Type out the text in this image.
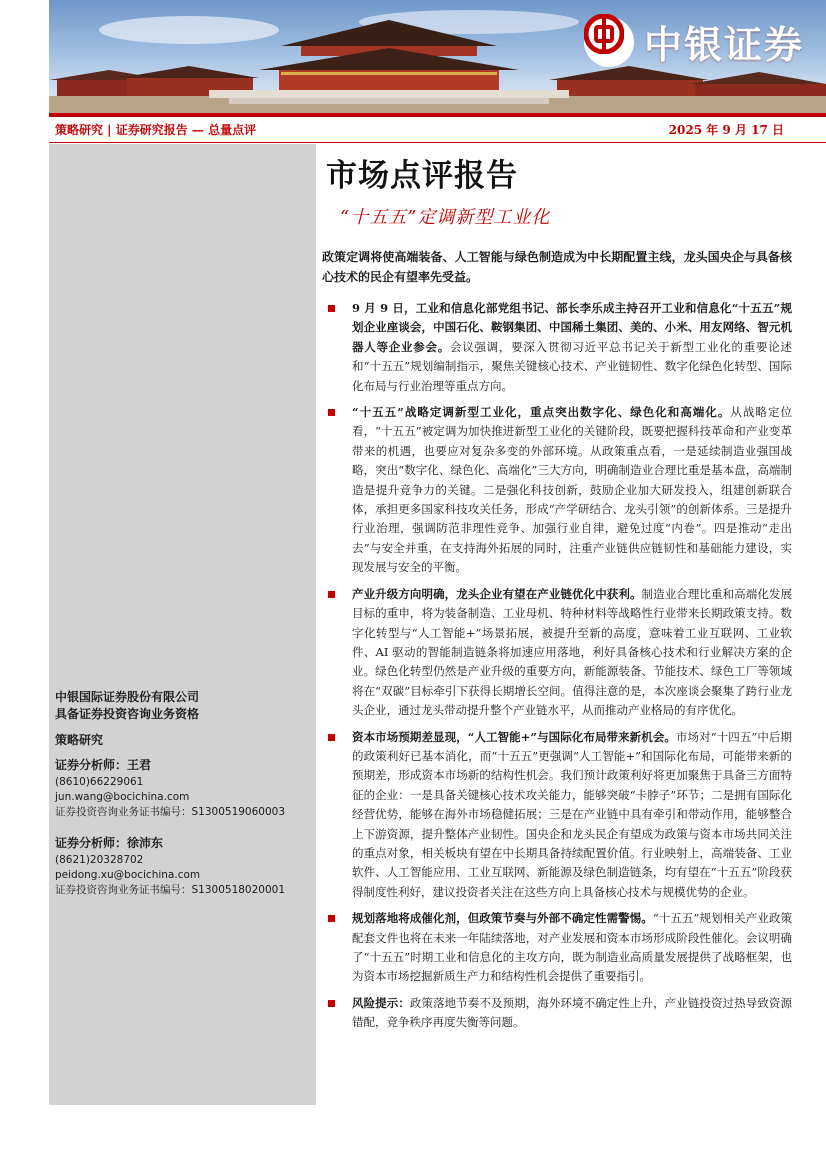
中银证券
策略研究 | 证券研究报告 — 总量点评	2025 年 9 月 17 日
中银国际证券股份有限公司
具备证券投资咨询业务资格
策略研究
证券分析师：王君
(8610)66229061
jun.wang@bocichina.com
证券投资咨询业务证书编号：S1300519060003
证券分析师：徐沛东
(8621)20328702
peidong.xu@bocichina.com
证券投资咨询业务证书编号：S1300518020001
市场点评报告
“十五五”定调新型工业化

政策定调将使高端装备、人工智能与绿色制造成为中长期配置主线，龙头国央企与具备核心技术的民企有望率先受益。

9 月 9 日，工业和信息化部党组书记、部长李乐成主持召开工业和信息化“十五五”规划企业座谈会，中国石化、鞍钢集团、中国稀土集团、美的、小米、用友网络、智元机器人等企业参会。会议强调，要深入贯彻习近平总书记关于新型工业化的重要论述和“十五五”规划编制指示，聚焦关键核心技术、产业链韧性、数字化绿色化转型、国际化布局与行业治理等重点方向。
“十五五”战略定调新型工业化，重点突出数字化、绿色化和高端化。从战略定位看，“十五五”被定调为加快推进新型工业化的关键阶段，既要把握科技革命和产业变革带来的机遇，也要应对复杂多变的外部环境。从政策重点看，一是延续制造业强国战略，突出“数字化、绿色化、高端化”三大方向，明确制造业合理比重是基本盘，高端制造是提升竞争力的关键。二是强化科技创新，鼓励企业加大研发投入，组建创新联合体，承担更多国家科技攻关任务，形成“产学研结合、龙头引领”的创新体系。三是提升行业治理，强调防范非理性竞争、加强行业自律，避免过度“内卷”。四是推动“走出去”与安全并重，在支持海外拓展的同时，注重产业链供应链韧性和基础能力建设，实现发展与安全的平衡。
产业升级方向明确，龙头企业有望在产业链优化中获利。制造业合理比重和高端化发展目标的重申，将为装备制造、工业母机、特种材料等战略性行业带来长期政策支持。数字化转型与“人工智能+”场景拓展，被提升至新的高度，意味着工业互联网、工业软件、AI 驱动的智能制造链条将加速应用落地，利好具备核心技术和行业解决方案的企业。绿色化转型仍然是产业升级的重要方向，新能源装备、节能技术、绿色工厂等领域将在“双碳”目标牵引下获得长期增长空间。值得注意的是，本次座谈会聚集了跨行业龙头企业，通过龙头带动提升整个产业链水平，从而推动产业格局的有序优化。
资本市场预期差显现，“人工智能+”与国际化布局带来新机会。市场对“十四五”中后期的政策利好已基本消化，而“十五五”更强调“人工智能+”和国际化布局，可能带来新的预期差，形成资本市场新的结构性机会。我们预计政策利好将更加聚焦于具备三方面特征的企业：一是具备关键核心技术攻关能力，能够突破“卡脖子”环节；二是拥有国际化经营优势，能够在海外市场稳健拓展；三是在产业链中具有牵引和带动作用，能够整合上下游资源，提升整体产业韧性。国央企和龙头民企有望成为政策与资本市场共同关注的重点对象，相关板块有望在中长期具备持续配置价值。行业映射上，高端装备、工业软件、人工智能应用、工业互联网、新能源及绿色制造链条，均有望在“十五五”阶段获得制度性利好，建议投资者关注在这些方向上具备核心技术与规模优势的企业。
规划落地将成催化剂，但政策节奏与外部不确定性需警惕。“十五五”规划相关产业政策配套文件也将在未来一年陆续落地，对产业发展和资本市场形成阶段性催化。会议明确了“十五五”时期工业和信息化的主攻方向，既为制造业高质量发展提供了战略框架，也为资本市场挖掘新质生产力和结构性机会提供了重要指引。
风险提示：政策落地节奏不及预期，海外环境不确定性上升，产业链投资过热导致资源错配，竞争秩序再度失衡等问题。
